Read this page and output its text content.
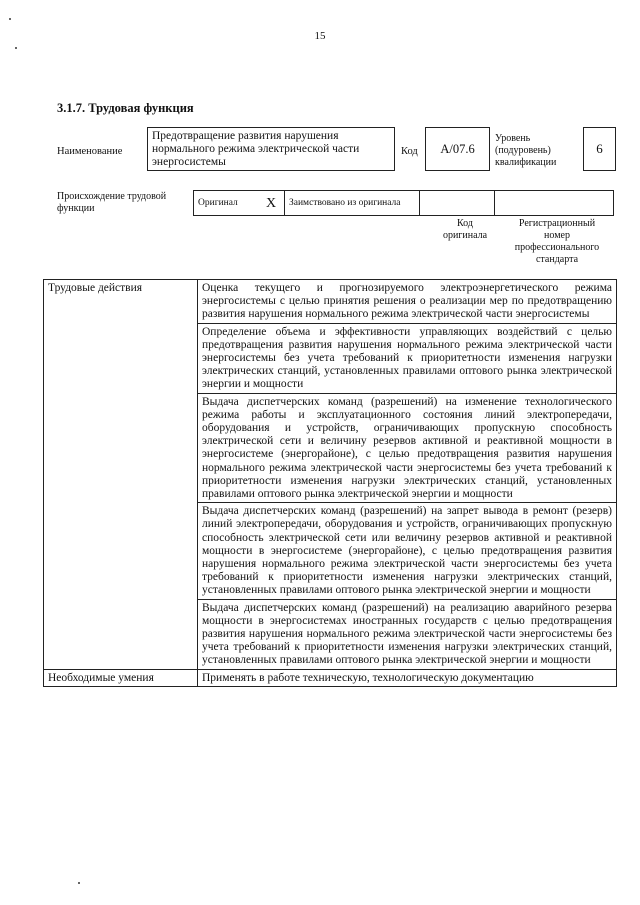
15
3.1.7. Трудовая функция
Наименование
Предотвращение развития нарушения нормального режима электрической части энергосистемы
Код	А/07.6
Уровень (подуровень) квалификации
6
Происхождение трудовой функции
Оригинал	X	Заимствовано из оригинала		
Код оригинала
Регистрационный номер профессионального стандарта
Трудовые действия	Оценка текущего и прогнозируемого электроэнергетического режима энергосистемы с целью принятия решения о реализации мер по предотвращению развития нарушения нормального режима электрической части энергосистемы
	Определение объема и эффективности управляющих воздействий с целью предотвращения развития нарушения нормального режима электрической части энергосистемы без учета требований к приоритетности изменения нагрузки электрических станций, установленных правилами оптового рынка электрической энергии и мощности
	Выдача диспетчерских команд (разрешений) на изменение технологического режима работы и эксплуатационного состояния линий электропередачи, оборудования и устройств, ограничивающих пропускную способность электрической сети и величину резервов активной и реактивной мощности в энергосистеме (энергорайоне), с целью предотвращения развития нарушения нормального режима электрической части энергосистемы без учета требований к приоритетности изменения нагрузки электрических станций, установленных правилами оптового рынка электрической энергии и мощности
	Выдача диспетчерских команд (разрешений) на запрет вывода в ремонт (резерв) линий электропередачи, оборудования и устройств, ограничивающих пропускную способность электрической сети или величину резервов активной и реактивной мощности в энергосистеме (энергорайоне), с целью предотвращения развития нарушения нормального режима электрической части энергосистемы без учета требований к приоритетности изменения нагрузки электрических станций, установленных правилами оптового рынка электрической энергии и мощности
	Выдача диспетчерских команд (разрешений) на реализацию аварийного резерва мощности в энергосистемах иностранных государств с целью предотвращения развития нарушения нормального режима электрической части энергосистемы без учета требований к приоритетности изменения нагрузки электрических станций, установленных правилами оптового рынка электрической энергии и мощности
Необходимые умения	Применять в работе техническую, технологическую документацию
